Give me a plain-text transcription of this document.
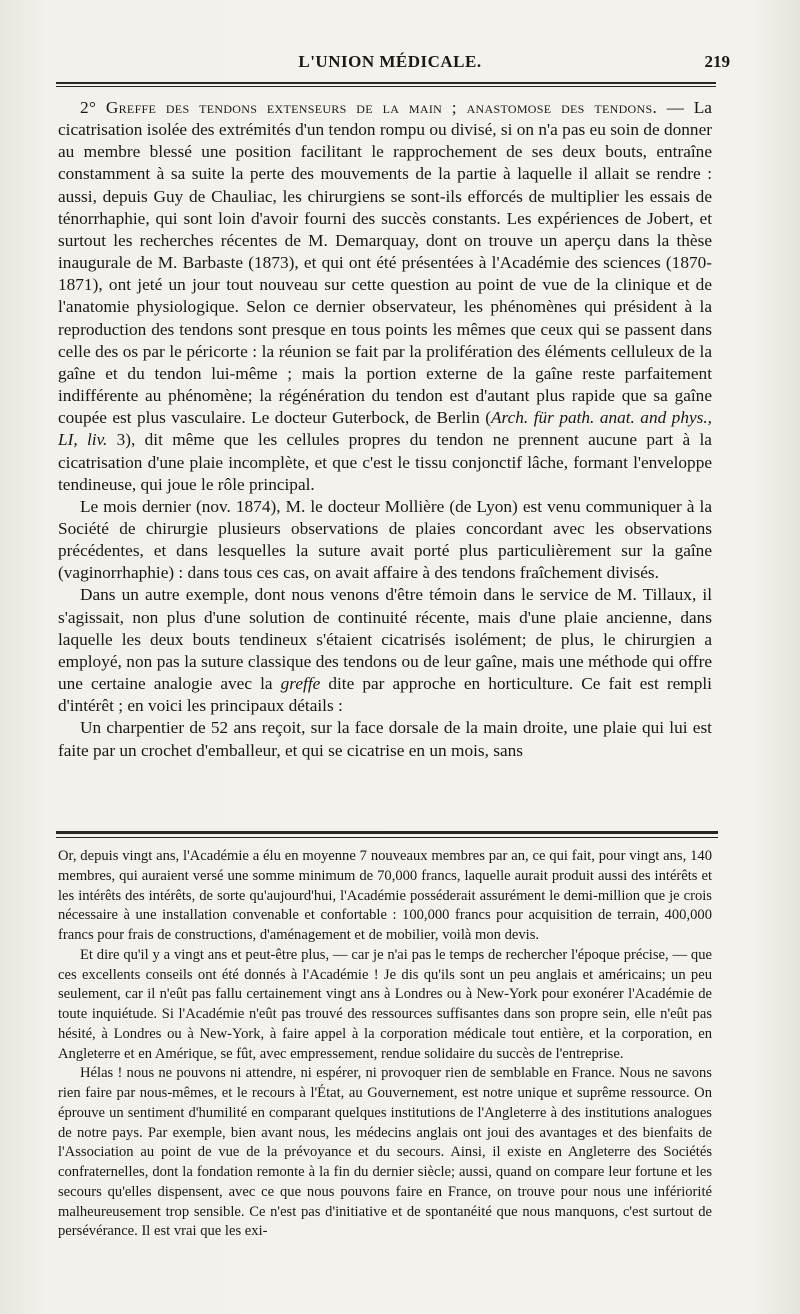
L'UNION MÉDICALE.	219

2° Greffe des tendons extenseurs de la main ; anastomose des tendons. — La cicatrisation isolée des extrémités d'un tendon rompu ou divisé, si on n'a pas eu soin de donner au membre blessé une position facilitant le rapprochement de ses deux bouts, entraîne constamment à sa suite la perte des mouvements de la partie à laquelle il allait se rendre : aussi, depuis Guy de Chauliac, les chirurgiens se sont-ils efforcés de multiplier les essais de ténorrhaphie, qui sont loin d'avoir fourni des succès constants. Les expériences de Jobert, et surtout les recherches récentes de M. Demarquay, dont on trouve un aperçu dans la thèse inaugurale de M. Barbaste (1873), et qui ont été présentées à l'Académie des sciences (1870-1871), ont jeté un jour tout nouveau sur cette question au point de vue de la clinique et de l'anatomie physiologique. Selon ce dernier observateur, les phénomènes qui président à la reproduction des tendons sont presque en tous points les mêmes que ceux qui se passent dans celle des os par le péricorte : la réunion se fait par la prolifération des éléments celluleux de la gaîne et du tendon lui-même ; mais la portion externe de la gaîne reste parfaitement indifférente au phénomène; la régénération du tendon est d'autant plus rapide que sa gaîne coupée est plus vasculaire. Le docteur Guterbock, de Berlin (Arch. für path. anat. and phys., LI, liv. 3), dit même que les cellules propres du tendon ne prennent aucune part à la cicatrisation d'une plaie incomplète, et que c'est le tissu conjonctif lâche, formant l'enveloppe tendineuse, qui joue le rôle principal.

Le mois dernier (nov. 1874), M. le docteur Mollière (de Lyon) est venu communiquer à la Société de chirurgie plusieurs observations de plaies concordant avec les observations précédentes, et dans lesquelles la suture avait porté plus particulièrement sur la gaîne (vaginorrhaphie) : dans tous ces cas, on avait affaire à des tendons fraîchement divisés.

Dans un autre exemple, dont nous venons d'être témoin dans le service de M. Tillaux, il s'agissait, non plus d'une solution de continuité récente, mais d'une plaie ancienne, dans laquelle les deux bouts tendineux s'étaient cicatrisés isolément; de plus, le chirurgien a employé, non pas la suture classique des tendons ou de leur gaîne, mais une méthode qui offre une certaine analogie avec la greffe dite par approche en horticulture. Ce fait est rempli d'intérêt ; en voici les principaux détails :

Un charpentier de 52 ans reçoit, sur la face dorsale de la main droite, une plaie qui lui est faite par un crochet d'emballeur, et qui se cicatrise en un mois, sans

Or, depuis vingt ans, l'Académie a élu en moyenne 7 nouveaux membres par an, ce qui fait, pour vingt ans, 140 membres, qui auraient versé une somme minimum de 70,000 francs, laquelle aurait produit aussi des intérêts et les intérêts des intérêts, de sorte qu'aujourd'hui, l'Académie posséderait assurément le demi-million que je crois nécessaire à une installation convenable et confortable : 100,000 francs pour acquisition de terrain, 400,000 francs pour frais de constructions, d'aménagement et de mobilier, voilà mon devis.

Et dire qu'il y a vingt ans et peut-être plus, — car je n'ai pas le temps de rechercher l'époque précise, — que ces excellents conseils ont été donnés à l'Académie ! Je dis qu'ils sont un peu anglais et américains; un peu seulement, car il n'eût pas fallu certainement vingt ans à Londres ou à New-York pour exonérer l'Académie de toute inquiétude. Si l'Académie n'eût pas trouvé des ressources suffisantes dans son propre sein, elle n'eût pas hésité, à Londres ou à New-York, à faire appel à la corporation médicale tout entière, et la corporation, en Angleterre et en Amérique, se fût, avec empressement, rendue solidaire du succès de l'entreprise.

Hélas ! nous ne pouvons ni attendre, ni espérer, ni provoquer rien de semblable en France. Nous ne savons rien faire par nous-mêmes, et le recours à l'État, au Gouvernement, est notre unique et suprême ressource. On éprouve un sentiment d'humilité en comparant quelques institutions de l'Angleterre à des institutions analogues de notre pays. Par exemple, bien avant nous, les médecins anglais ont joui des avantages et des bienfaits de l'Association au point de vue de la prévoyance et du secours. Ainsi, il existe en Angleterre des Sociétés confraternelles, dont la fondation remonte à la fin du dernier siècle; aussi, quand on compare leur fortune et les secours qu'elles dispensent, avec ce que nous pouvons faire en France, on trouve pour nous une infériorité malheureusement trop sensible. Ce n'est pas d'initiative et de spontanéité que nous manquons, c'est surtout de persévérance. Il est vrai que les exi-
